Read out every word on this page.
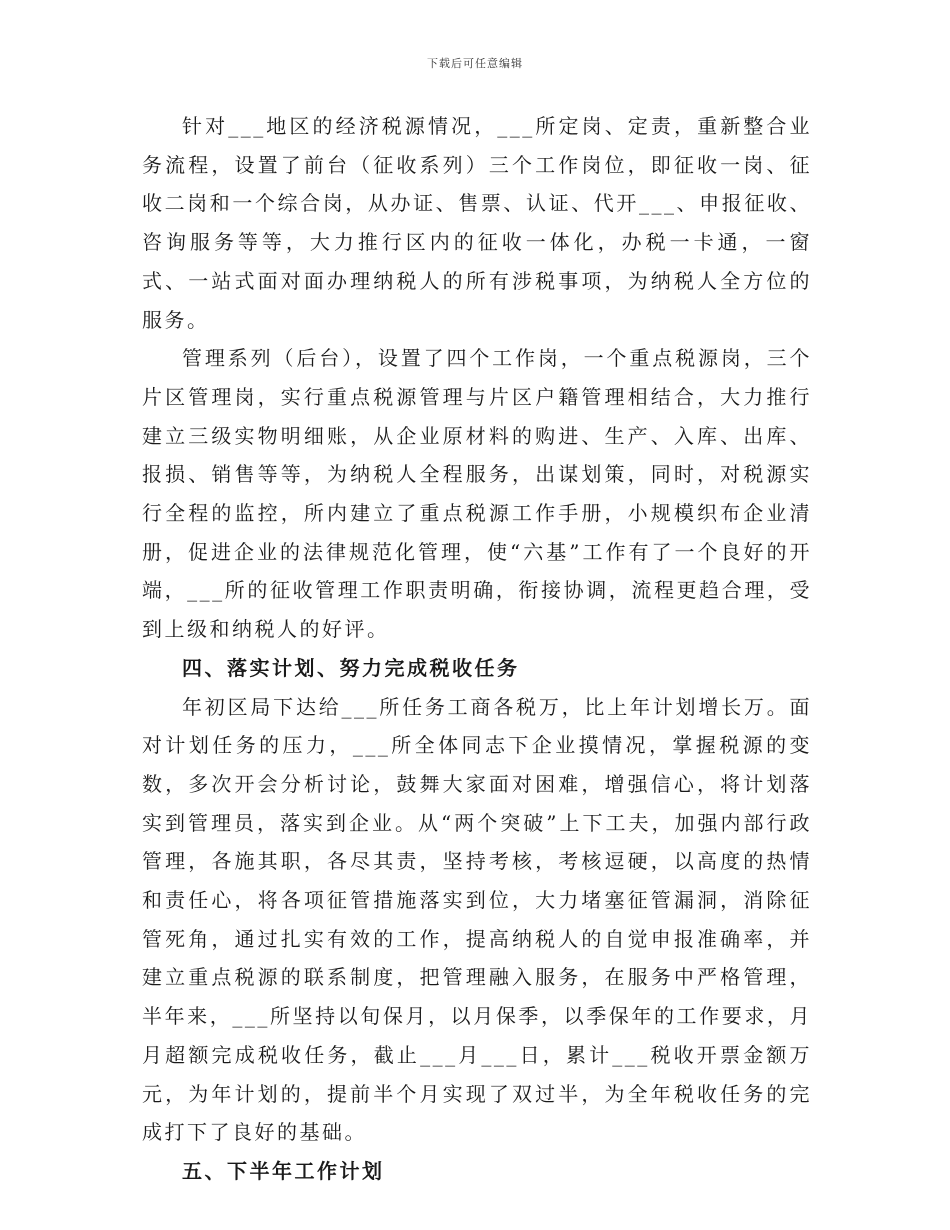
下载后可任意编辑

针对___地区的经济税源情况，___所定岗、定责，重新整合业务流程，设置了前台（征收系列）三个工作岗位，即征收一岗、征收二岗和一个综合岗，从办证、售票、认证、代开___、申报征收、咨询服务等等，大力推行区内的征收一体化，办税一卡通，一窗式、一站式面对面办理纳税人的所有涉税事项，为纳税人全方位的服务。

管理系列（后台），设置了四个工作岗，一个重点税源岗，三个片区管理岗，实行重点税源管理与片区户籍管理相结合，大力推行建立三级实物明细账，从企业原材料的购进、生产、入库、出库、报损、销售等等，为纳税人全程服务，出谋划策，同时，对税源实行全程的监控，所内建立了重点税源工作手册，小规模织布企业清册，促进企业的法律规范化管理，使“六基”工作有了一个良好的开端，___所的征收管理工作职责明确，衔接协调，流程更趋合理，受到上级和纳税人的好评。

四、落实计划、努力完成税收任务

年初区局下达给___所任务工商各税万，比上年计划增长万。面对计划任务的压力，___所全体同志下企业摸情况，掌握税源的变数，多次开会分析讨论，鼓舞大家面对困难，增强信心，将计划落实到管理员，落实到企业。从“两个突破”上下工夫，加强内部行政管理，各施其职，各尽其责，坚持考核，考核逗硬，以高度的热情和责任心，将各项征管措施落实到位，大力堵塞征管漏洞，消除征管死角，通过扎实有效的工作，提高纳税人的自觉申报准确率，并建立重点税源的联系制度，把管理融入服务，在服务中严格管理，半年来，___所坚持以旬保月，以月保季，以季保年的工作要求，月月超额完成税收任务，截止___月___日，累计___税收开票金额万元，为年计划的，提前半个月实现了双过半，为全年税收任务的完成打下了良好的基础。

五、下半年工作计划
